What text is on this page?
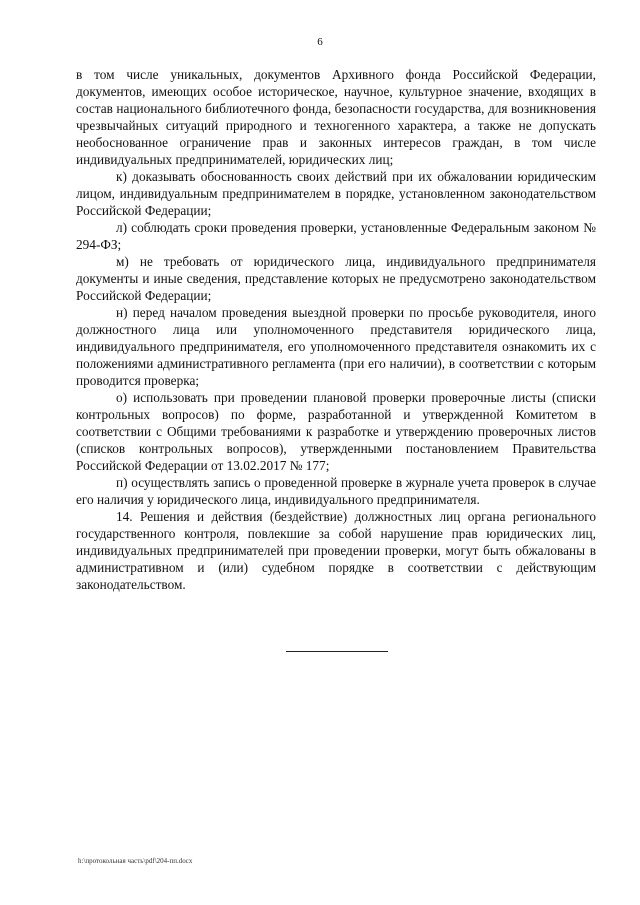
6

в том числе уникальных, документов Архивного фонда Российской Федерации, документов, имеющих особое историческое, научное, культурное значение, входящих в состав национального библиотечного фонда, безопасности государства, для возникновения чрезвычайных ситуаций природного и техногенного характера, а также не допускать необоснованное ограничение прав и законных интересов граждан, в том числе индивидуальных предпринимателей, юридических лиц;

к) доказывать обоснованность своих действий при их обжаловании юридическим лицом, индивидуальным предпринимателем в порядке, установленном законодательством Российской Федерации;

л) соблюдать сроки проведения проверки, установленные Федеральным законом № 294-ФЗ;

м) не требовать от юридического лица, индивидуального предпринимателя документы и иные сведения, представление которых не предусмотрено законодательством Российской Федерации;

н) перед началом проведения выездной проверки по просьбе руководителя, иного должностного лица или уполномоченного представителя юридического лица, индивидуального предпринимателя, его уполномоченного представителя ознакомить их с положениями административного регламента (при его наличии), в соответствии с которым проводится проверка;

о) использовать при проведении плановой проверки проверочные листы (списки контрольных вопросов) по форме, разработанной и утвержденной Комитетом в соответствии с Общими требованиями к разработке и утверждению проверочных листов (списков контрольных вопросов), утвержденными постановлением Правительства Российской Федерации от 13.02.2017 № 177;

п) осуществлять запись о проведенной проверке в журнале учета проверок в случае его наличия у юридического лица, индивидуального предпринимателя.

14. Решения и действия (бездействие) должностных лиц органа регионального государственного контроля, повлекшие за собой нарушение прав юридических лиц, индивидуальных предпринимателей при проведении проверки, могут быть обжалованы в административном и (или) судебном порядке в соответствии с действующим законодательством.

h:\протокольная часть\pdf\204-пп.docx
